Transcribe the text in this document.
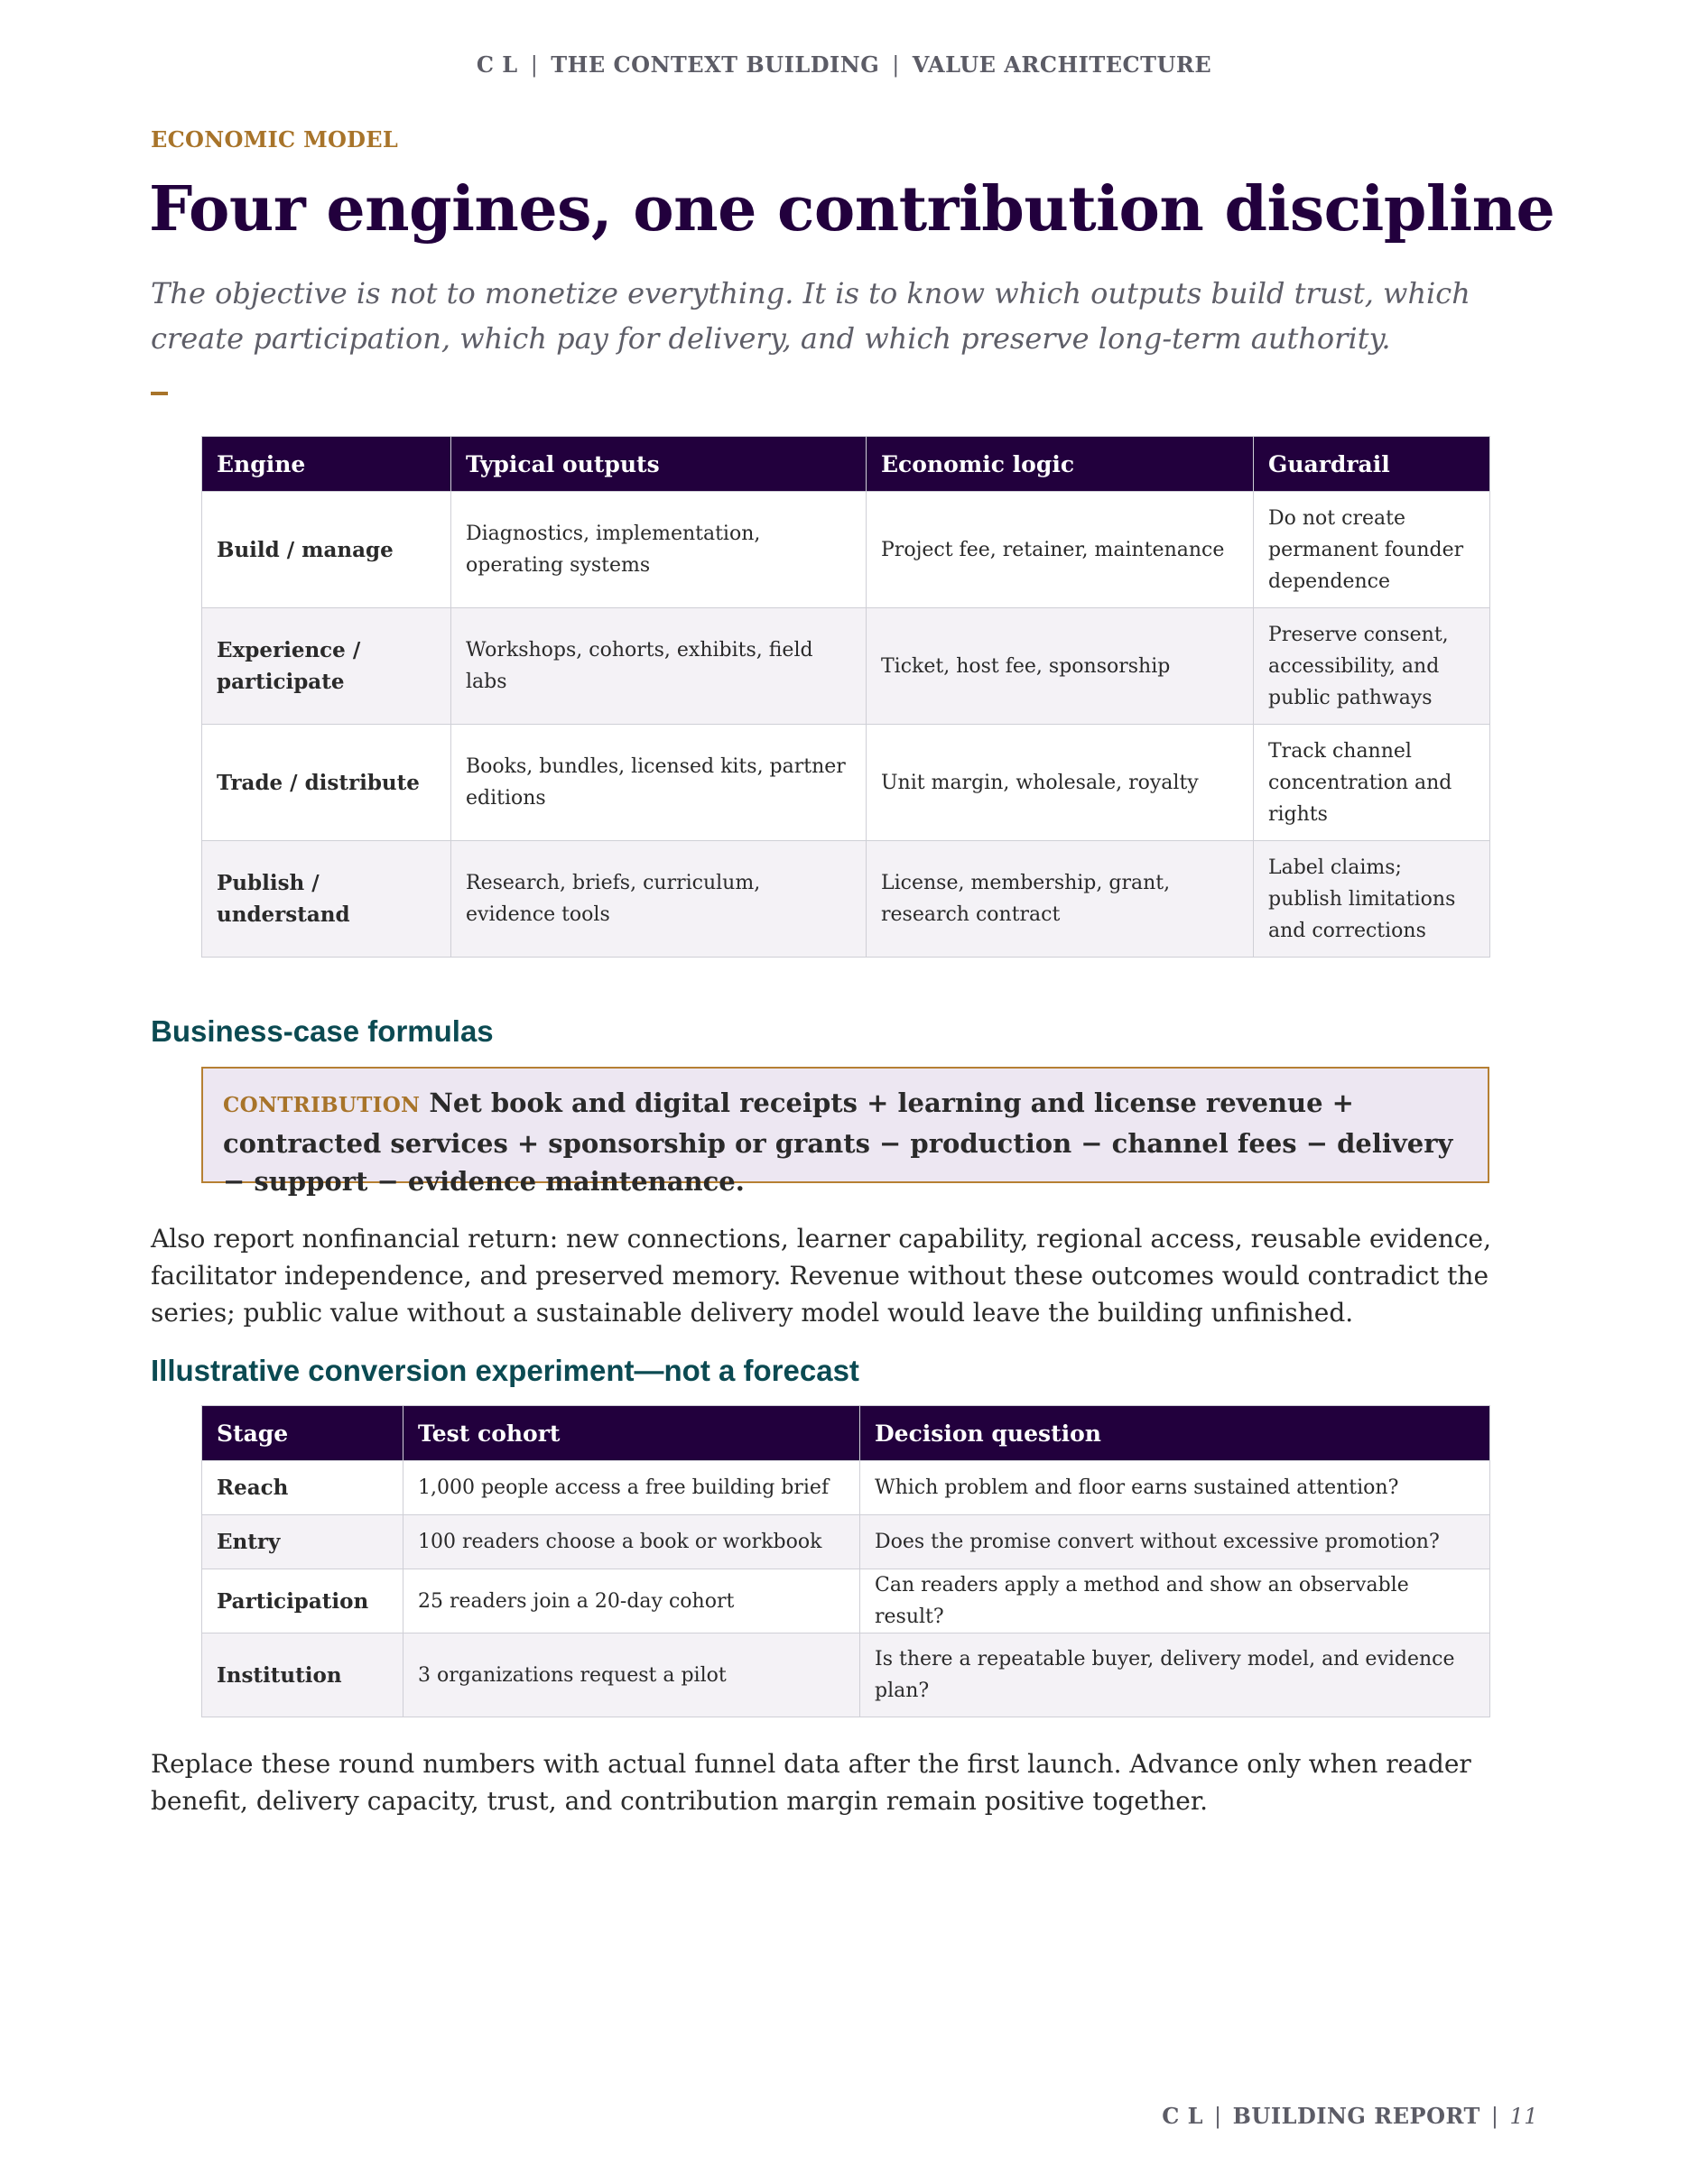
C L | THE CONTEXT BUILDING | VALUE ARCHITECTURE
ECONOMIC MODEL
Four engines, one contribution discipline
The objective is not to monetize everything. It is to know which outputs build trust, which create participation, which pay for delivery, and which preserve long-term authority.
Engine	Typical outputs	Economic logic	Guardrail
Build / manage	Diagnostics, implementation, operating systems	Project fee, retainer, maintenance	Do not create permanent founder dependence
Experience / participate	Workshops, cohorts, exhibits, field labs	Ticket, host fee, sponsorship	Preserve consent, accessibility, and public pathways
Trade / distribute	Books, bundles, licensed kits, partner editions	Unit margin, wholesale, royalty	Track channel concentration and rights
Publish / understand	Research, briefs, curriculum, evidence tools	License, membership, grant, research contract	Label claims; publish limitations and corrections
Business-case formulas
CONTRIBUTION Net book and digital receipts + learning and license revenue + contracted services + sponsorship or grants − production − channel fees − delivery − support − evidence maintenance.
Also report nonfinancial return: new connections, learner capability, regional access, reusable evidence, facilitator independence, and preserved memory. Revenue without these outcomes would contradict the series; public value without a sustainable delivery model would leave the building unfinished.
Illustrative conversion experiment—not a forecast
Stage	Test cohort	Decision question
Reach	1,000 people access a free building brief	Which problem and floor earns sustained attention?
Entry	100 readers choose a book or workbook	Does the promise convert without excessive promotion?
Participation	25 readers join a 20-day cohort	Can readers apply a method and show an observable result?
Institution	3 organizations request a pilot	Is there a repeatable buyer, delivery model, and evidence plan?
Replace these round numbers with actual funnel data after the first launch. Advance only when reader benefit, delivery capacity, trust, and contribution margin remain positive together.
C L | BUILDING REPORT | 11
